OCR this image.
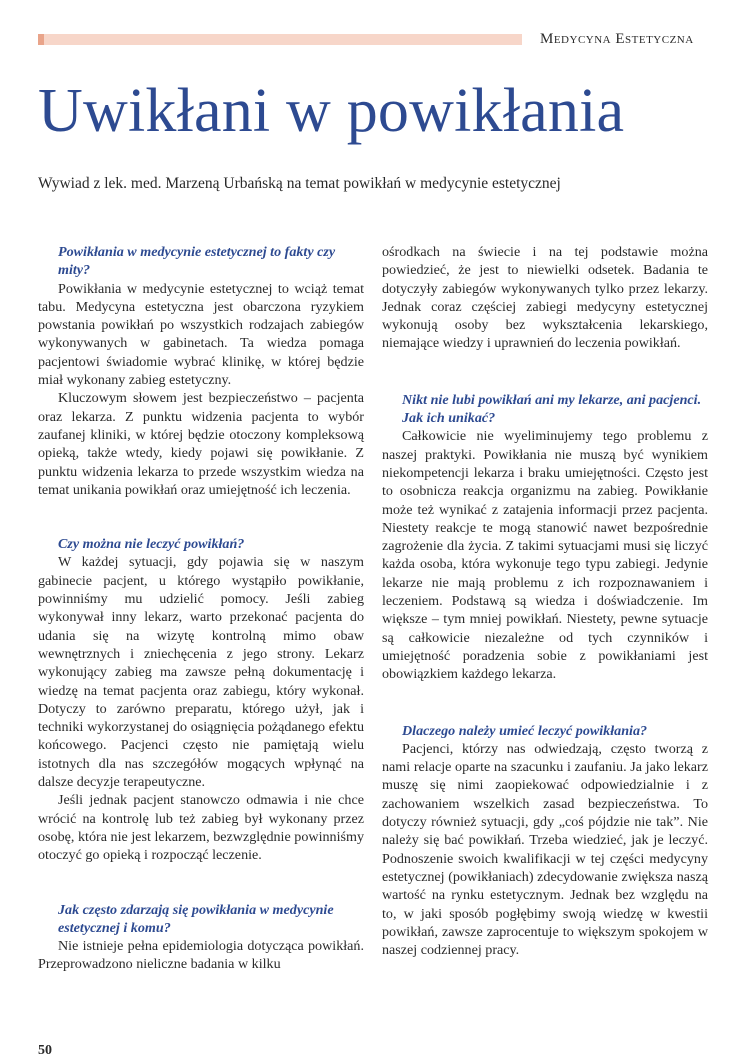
Medycyna Estetyczna
Uwikłani w powikłania

Wywiad z lek. med. Marzeną Urbańską na temat powikłań w medycynie estetycznej

Powikłania w medycynie estetycznej to fakty czy mity?

Powikłania w medycynie estetycznej to wciąż temat tabu. Medycyna estetyczna jest obarczona ryzykiem powstania powikłań po wszystkich rodzajach zabiegów wykonywanych w gabinetach. Ta wiedza pomaga pacjentowi świadomie wybrać klinikę, w której będzie miał wykonany zabieg estetyczny.

Kluczowym słowem jest bezpieczeństwo – pacjenta oraz lekarza. Z punktu widzenia pacjenta to wybór zaufanej kliniki, w której będzie otoczony kompleksową opieką, także wtedy, kiedy pojawi się powikłanie. Z punktu widzenia lekarza to przede wszystkim wiedza na temat unikania powikłań oraz umiejętność ich leczenia.

Czy można nie leczyć powikłań?

W każdej sytuacji, gdy pojawia się w naszym gabinecie pacjent, u którego wystąpiło powikłanie, powinniśmy mu udzielić pomocy. Jeśli zabieg wykonywał inny lekarz, warto przekonać pacjenta do udania się na wizytę kontrolną mimo obaw wewnętrznych i zniechęcenia z jego strony. Lekarz wykonujący zabieg ma zawsze pełną dokumentację i wiedzę na temat pacjenta oraz zabiegu, który wykonał. Dotyczy to zarówno preparatu, którego użył, jak i techniki wykorzystanej do osiągnięcia pożądanego efektu końcowego. Pacjenci często nie pamiętają wielu istotnych dla nas szczegółów mogących wpłynąć na dalsze decyzje terapeutyczne.

Jeśli jednak pacjent stanowczo odmawia i nie chce wrócić na kontrolę lub też zabieg był wykonany przez osobę, która nie jest lekarzem, bezwzględnie powinniśmy otoczyć go opieką i rozpocząć leczenie.

Jak często zdarzają się powikłania w medycynie estetycznej i komu?

Nie istnieje pełna epidemiologia dotycząca powikłań. Przeprowadzono nieliczne badania w kilku

ośrodkach na świecie i na tej podstawie można powiedzieć, że jest to niewielki odsetek. Badania te dotyczyły zabiegów wykonywanych tylko przez lekarzy. Jednak coraz częściej zabiegi medycyny estetycznej wykonują osoby bez wykształcenia lekarskiego, niemające wiedzy i uprawnień do leczenia powikłań.

Nikt nie lubi powikłań ani my lekarze, ani pacjenci. Jak ich unikać?

Całkowicie nie wyeliminujemy tego problemu z naszej praktyki. Powikłania nie muszą być wynikiem niekompetencji lekarza i braku umiejętności. Często jest to osobnicza reakcja organizmu na zabieg. Powikłanie może też wynikać z zatajenia informacji przez pacjenta. Niestety reakcje te mogą stanowić nawet bezpośrednie zagrożenie dla życia. Z takimi sytuacjami musi się liczyć każda osoba, która wykonuje tego typu zabiegi. Jedynie lekarze nie mają problemu z ich rozpoznawaniem i leczeniem. Podstawą są wiedza i doświadczenie. Im większe – tym mniej powikłań. Niestety, pewne sytuacje są całkowicie niezależne od tych czynników i umiejętność poradzenia sobie z powikłaniami jest obowiązkiem każdego lekarza.

Dlaczego należy umieć leczyć powikłania?

Pacjenci, którzy nas odwiedzają, często tworzą z nami relacje oparte na szacunku i zaufaniu. Ja jako lekarz muszę się nimi zaopiekować odpowiedzialnie i z zachowaniem wszelkich zasad bezpieczeństwa. To dotyczy również sytuacji, gdy „coś pójdzie nie tak”. Nie należy się bać powikłań. Trzeba wiedzieć, jak je leczyć. Podnoszenie swoich kwalifikacji w tej części medycyny estetycznej (powikłaniach) zdecydowanie zwiększa naszą wartość na rynku estetycznym. Jednak bez względu na to, w jaki sposób pogłębimy swoją wiedzę w kwestii powikłań, zawsze zaprocentuje to większym spokojem w naszej codziennej pracy.

50
